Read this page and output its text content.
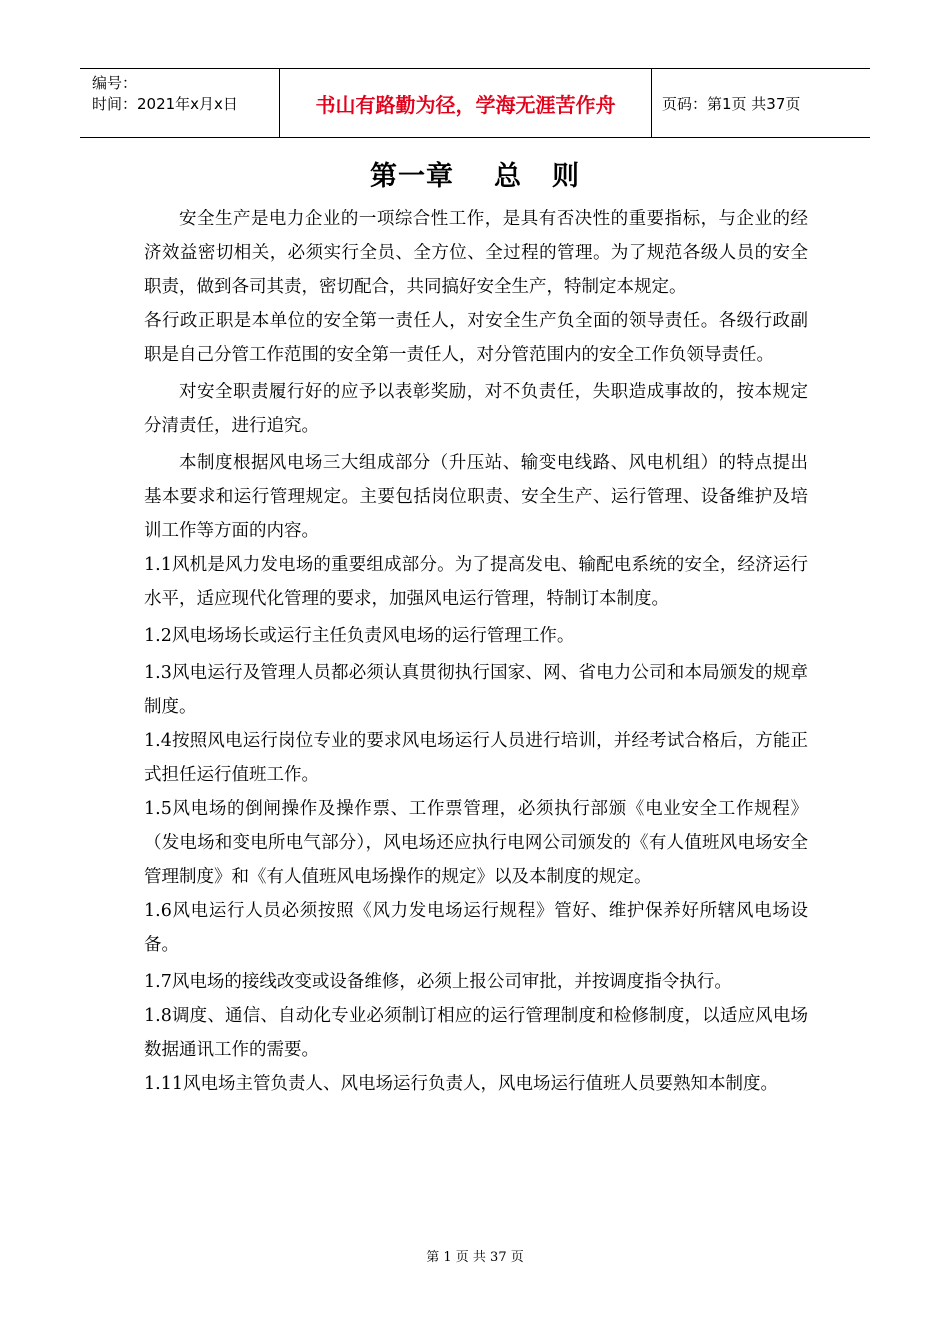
编号：
时间：2021年x月x日	书山有路勤为径，学海无涯苦作舟	页码：第1页 共37页
第一章 总 则

安全生产是电力企业的一项综合性工作，是具有否决性的重要指标，与企业的经济效益密切相关，必须实行全员、全方位、全过程的管理。为了规范各级人员的安全职责，做到各司其责，密切配合，共同搞好安全生产，特制定本规定。

各行政正职是本单位的安全第一责任人，对安全生产负全面的领导责任。各级行政副职是自己分管工作范围的安全第一责任人，对分管范围内的安全工作负领导责任。

对安全职责履行好的应予以表彰奖励，对不负责任，失职造成事故的，按本规定分清责任，进行追究。

本制度根据风电场三大组成部分（升压站、输变电线路、风电机组）的特点提出基本要求和运行管理规定。主要包括岗位职责、安全生产、运行管理、设备维护及培训工作等方面的内容。

1.1风机是风力发电场的重要组成部分。为了提高发电、输配电系统的安全，经济运行水平，适应现代化管理的要求，加强风电运行管理，特制订本制度。

1.2风电场场长或运行主任负责风电场的运行管理工作。

1.3风电运行及管理人员都必须认真贯彻执行国家、网、省电力公司和本局颁发的规章制度。

1.4按照风电运行岗位专业的要求风电场运行人员进行培训，并经考试合格后，方能正式担任运行值班工作。

1.5风电场的倒闸操作及操作票、工作票管理，必须执行部颁《电业安全工作规程》（发电场和变电所电气部分），风电场还应执行电网公司颁发的《有人值班风电场安全管理制度》和《有人值班风电场操作的规定》以及本制度的规定。

1.6风电运行人员必须按照《风力发电场运行规程》管好、维护保养好所辖风电场设备。

1.7风电场的接线改变或设备维修，必须上报公司审批，并按调度指令执行。

1.8调度、通信、自动化专业必须制订相应的运行管理制度和检修制度，以适应风电场数据通讯工作的需要。

1.11风电场主管负责人、风电场运行负责人，风电场运行值班人员要熟知本制度。

第 1 页 共 37 页
